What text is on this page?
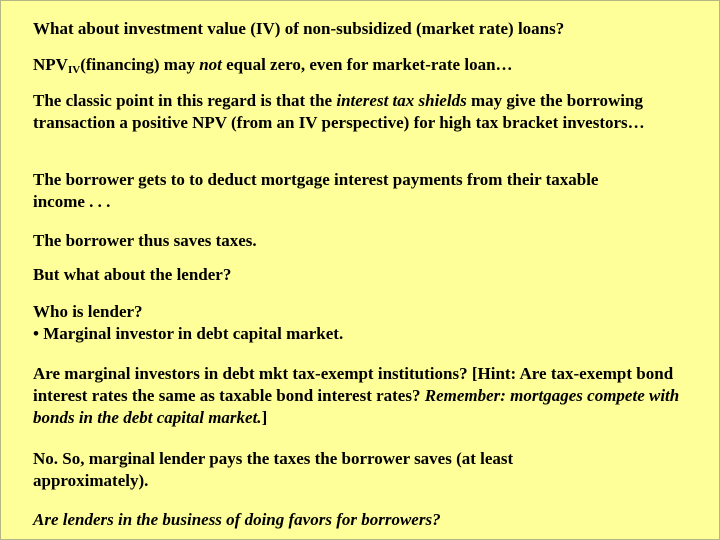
What about investment value (IV) of non-subsidized (market rate) loans?
$NPV_{IV}(financing)$ may not equal zero, even for market-rate loan…
The classic point in this regard is that the interest tax shields may give the borrowing transaction a positive NPV (from an IV perspective) for high tax bracket investors…
The borrower gets to to deduct mortgage interest payments from their taxable income . . .
The borrower thus saves taxes.
But what about the lender?
Who is lender?
• Marginal investor in debt capital market.
Are marginal investors in debt mkt tax-exempt institutions? [Hint: Are tax-exempt bond interest rates the same as taxable bond interest rates? Remember: mortgages compete with bonds in the debt capital market.]
No. So, marginal lender pays the taxes the borrower saves (at least approximately).
Are lenders in the business of doing favors for borrowers?
